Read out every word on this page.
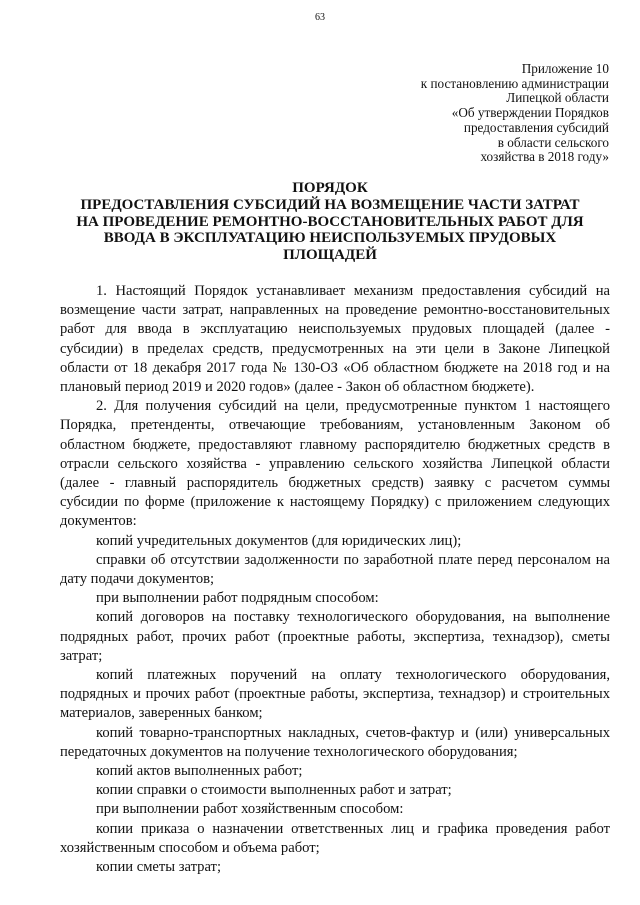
63
Приложение 10
к постановлению администрации
Липецкой области
«Об утверждении Порядков
предоставления субсидий
в области сельского
хозяйства в 2018 году»
ПОРЯДОК
ПРЕДОСТАВЛЕНИЯ СУБСИДИЙ НА ВОЗМЕЩЕНИЕ ЧАСТИ ЗАТРАТ
НА ПРОВЕДЕНИЕ РЕМОНТНО-ВОССТАНОВИТЕЛЬНЫХ РАБОТ ДЛЯ
ВВОДА В ЭКСПЛУАТАЦИЮ НЕИСПОЛЬЗУЕМЫХ ПРУДОВЫХ
ПЛОЩАДЕЙ

1. Настоящий Порядок устанавливает механизм предоставления субсидий на возмещение части затрат, направленных на проведение ремонтно-восстановительных работ для ввода в эксплуатацию неиспользуемых прудовых площадей (далее - субсидии) в пределах средств, предусмотренных на эти цели в Законе Липецкой области от 18 декабря 2017 года № 130-ОЗ «Об областном бюджете на 2018 год и на плановый период 2019 и 2020 годов» (далее - Закон об областном бюджете).

2. Для получения субсидий на цели, предусмотренные пунктом 1 настоящего Порядка, претенденты, отвечающие требованиям, установленным Законом об областном бюджете, предоставляют главному распорядителю бюджетных средств в отрасли сельского хозяйства - управлению сельского хозяйства Липецкой области (далее - главный распорядитель бюджетных средств) заявку с расчетом суммы субсидии по форме (приложение к настоящему Порядку) с приложением следующих документов:

копий учредительных документов (для юридических лиц);

справки об отсутствии задолженности по заработной плате перед персоналом на дату подачи документов;

при выполнении работ подрядным способом:

копий договоров на поставку технологического оборудования, на выполнение подрядных работ, прочих работ (проектные работы, экспертиза, технадзор), сметы затрат;

копий платежных поручений на оплату технологического оборудования, подрядных и прочих работ (проектные работы, экспертиза, технадзор) и строительных материалов, заверенных банком;

копий товарно-транспортных накладных, счетов-фактур и (или) универсальных передаточных документов на получение технологического оборудования;

копий актов выполненных работ;

копии справки о стоимости выполненных работ и затрат;

при выполнении работ хозяйственным способом:

копии приказа о назначении ответственных лиц и графика проведения работ хозяйственным способом и объема работ;

копии сметы затрат;
